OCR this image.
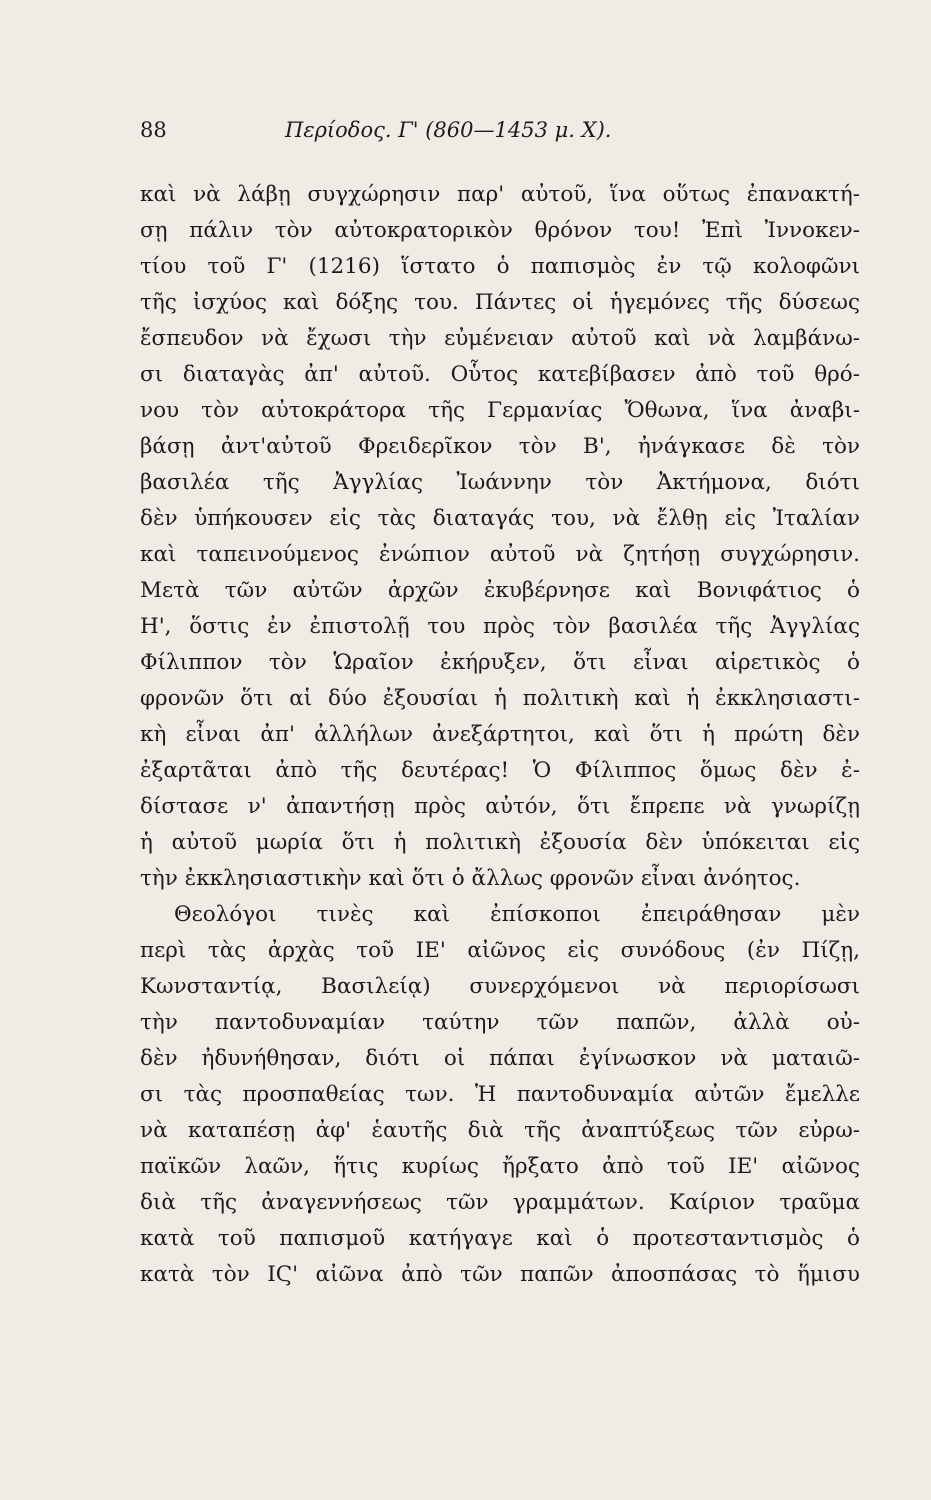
88	Περίοδος. Γ' (860—1453 μ. Χ).
καὶ νὰ λάβῃ συγχώρησιν παρ' αὐτοῦ, ἵνα οὕτως ἐπανακτή-
σῃ πάλιν τὸν αὐτοκρατορικὸν θρόνον του! Ἐπὶ Ἰννοκεν-
τίου τοῦ Γ' (1216) ἵστατο ὁ παπισμὸς ἐν τῷ κολοφῶνι
τῆς ἰσχύος καὶ δόξης του. Πάντες οἱ ἡγεμόνες τῆς δύσεως
ἔσπευδον νὰ ἔχωσι τὴν εὐμένειαν αὐτοῦ καὶ νὰ λαμβάνω-
σι διαταγὰς ἀπ' αὐτοῦ. Οὗτος κατεβίβασεν ἀπὸ τοῦ θρό-
νου τὸν αὐτοκράτορα τῆς Γερμανίας Ὄθωνα, ἵνα ἀναβι-
βάσῃ ἀντ'αὐτοῦ Φρειδερῖκον τὸν Β', ἠνάγκασε δὲ τὸν
βασιλέα τῆς Ἀγγλίας Ἰωάννην τὸν Ἀκτήμονα, διότι
δὲν ὑπήκουσεν εἰς τὰς διαταγάς του, νὰ ἔλθῃ εἰς Ἰταλίαν
καὶ ταπεινούμενος ἐνώπιον αὐτοῦ νὰ ζητήσῃ συγχώρησιν.
Μετὰ τῶν αὐτῶν ἀρχῶν ἐκυβέρνησε καὶ Βονιφάτιος ὁ
Η', ὅστις ἐν ἐπιστολῇ του πρὸς τὸν βασιλέα τῆς Ἀγγλίας
Φίλιππον τὸν Ὡραῖον ἐκήρυξεν, ὅτι εἶναι αἱρετικὸς ὁ
φρονῶν ὅτι αἱ δύο ἐξουσίαι ἡ πολιτικὴ καὶ ἡ ἐκκλησιαστι-
κὴ εἶναι ἀπ' ἀλλήλων ἀνεξάρτητοι, καὶ ὅτι ἡ πρώτη δὲν
ἐξαρτᾶται ἀπὸ τῆς δευτέρας! Ὁ Φίλιππος ὅμως δὲν ἐ-
δίστασε ν' ἀπαντήσῃ πρὸς αὐτόν, ὅτι ἔπρεπε νὰ γνωρίζῃ
ἡ αὐτοῦ μωρία ὅτι ἡ πολιτικὴ ἐξουσία δὲν ὑπόκειται εἰς
τὴν ἐκκλησιαστικὴν καὶ ὅτι ὁ ἄλλως φρονῶν εἶναι ἀνόητος.
Θεολόγοι τινὲς καὶ ἐπίσκοποι ἐπειράθησαν μὲν
περὶ τὰς ἀρχὰς τοῦ ΙΕ' αἰῶνος εἰς συνόδους (ἐν Πίζῃ,
Κωνσταντίᾳ, Βασιλείᾳ) συνερχόμενοι νὰ περιορίσωσι
τὴν παντοδυναμίαν ταύτην τῶν παπῶν, ἀλλὰ οὐ-
δὲν ἠδυνήθησαν, διότι οἱ πάπαι ἐγίνωσκον νὰ ματαιῶ-
σι τὰς προσπαθείας των. Ἡ παντοδυναμία αὐτῶν ἔμελλε
νὰ καταπέσῃ ἀφ' ἑαυτῆς διὰ τῆς ἀναπτύξεως τῶν εὐρω-
παϊκῶν λαῶν, ἥτις κυρίως ἤρξατο ἀπὸ τοῦ ΙΕ' αἰῶνος
διὰ τῆς ἀναγεννήσεως τῶν γραμμάτων. Καίριον τραῦμα
κατὰ τοῦ παπισμοῦ κατήγαγε καὶ ὁ προτεσταντισμὸς ὁ
κατὰ τὸν ΙϚ' αἰῶνα ἀπὸ τῶν παπῶν ἀποσπάσας τὸ ἥμισυ
